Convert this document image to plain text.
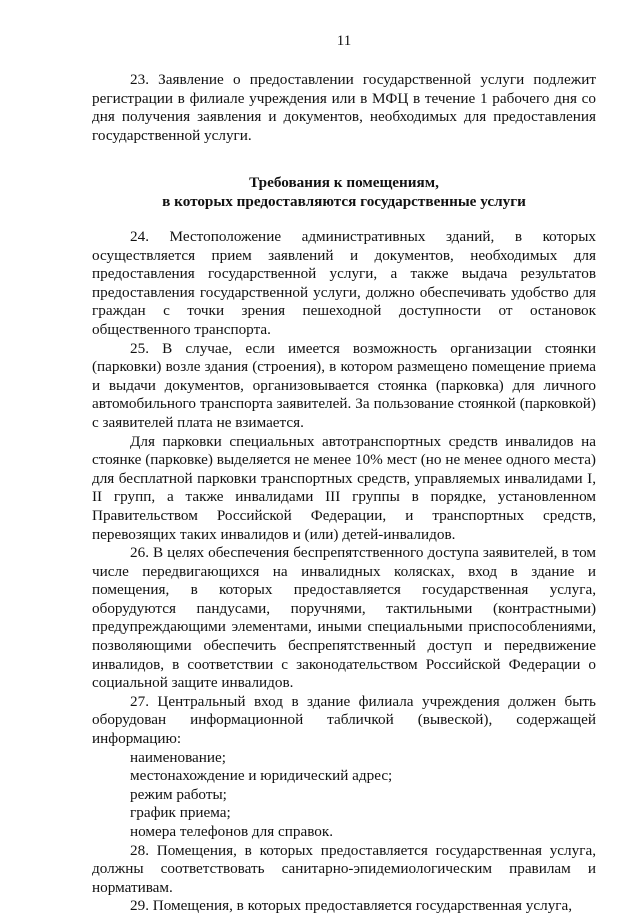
11

23. Заявление о предоставлении государственной услуги подлежит регистрации в филиале учреждения или в МФЦ в течение 1 рабочего дня со дня получения заявления и документов, необходимых для предоставления государственной услуги.

Требования к помещениям,
в которых предоставляются государственные услуги

24. Местоположение административных зданий, в которых осуществляется прием заявлений и документов, необходимых для предоставления государственной услуги, а также выдача результатов предоставления государственной услуги, должно обеспечивать удобство для граждан с точки зрения пешеходной доступности от остановок общественного транспорта.

25. В случае, если имеется возможность организации стоянки (парковки) возле здания (строения), в котором размещено помещение приема и выдачи документов, организовывается стоянка (парковка) для личного автомобильного транспорта заявителей. За пользование стоянкой (парковкой) с заявителей плата не взимается.

Для парковки специальных автотранспортных средств инвалидов на стоянке (парковке) выделяется не менее 10% мест (но не менее одного места) для бесплатной парковки транспортных средств, управляемых инвалидами I, II групп, а также инвалидами III группы в порядке, установленном Правительством Российской Федерации, и транспортных средств, перевозящих таких инвалидов и (или) детей-инвалидов.

26. В целях обеспечения беспрепятственного доступа заявителей, в том числе передвигающихся на инвалидных колясках, вход в здание и помещения, в которых предоставляется государственная услуга, оборудуются пандусами, поручнями, тактильными (контрастными) предупреждающими элементами, иными специальными приспособлениями, позволяющими обеспечить беспрепятственный доступ и передвижение инвалидов, в соответствии с законодательством Российской Федерации о социальной защите инвалидов.

27. Центральный вход в здание филиала учреждения должен быть оборудован информационной табличкой (вывеской), содержащей информацию:

наименование;
местонахождение и юридический адрес;
режим работы;
график приема;
номера телефонов для справок.

28. Помещения, в которых предоставляется государственная услуга, должны соответствовать санитарно-эпидемиологическим правилам и нормативам.

29. Помещения, в которых предоставляется государственная услуга,
